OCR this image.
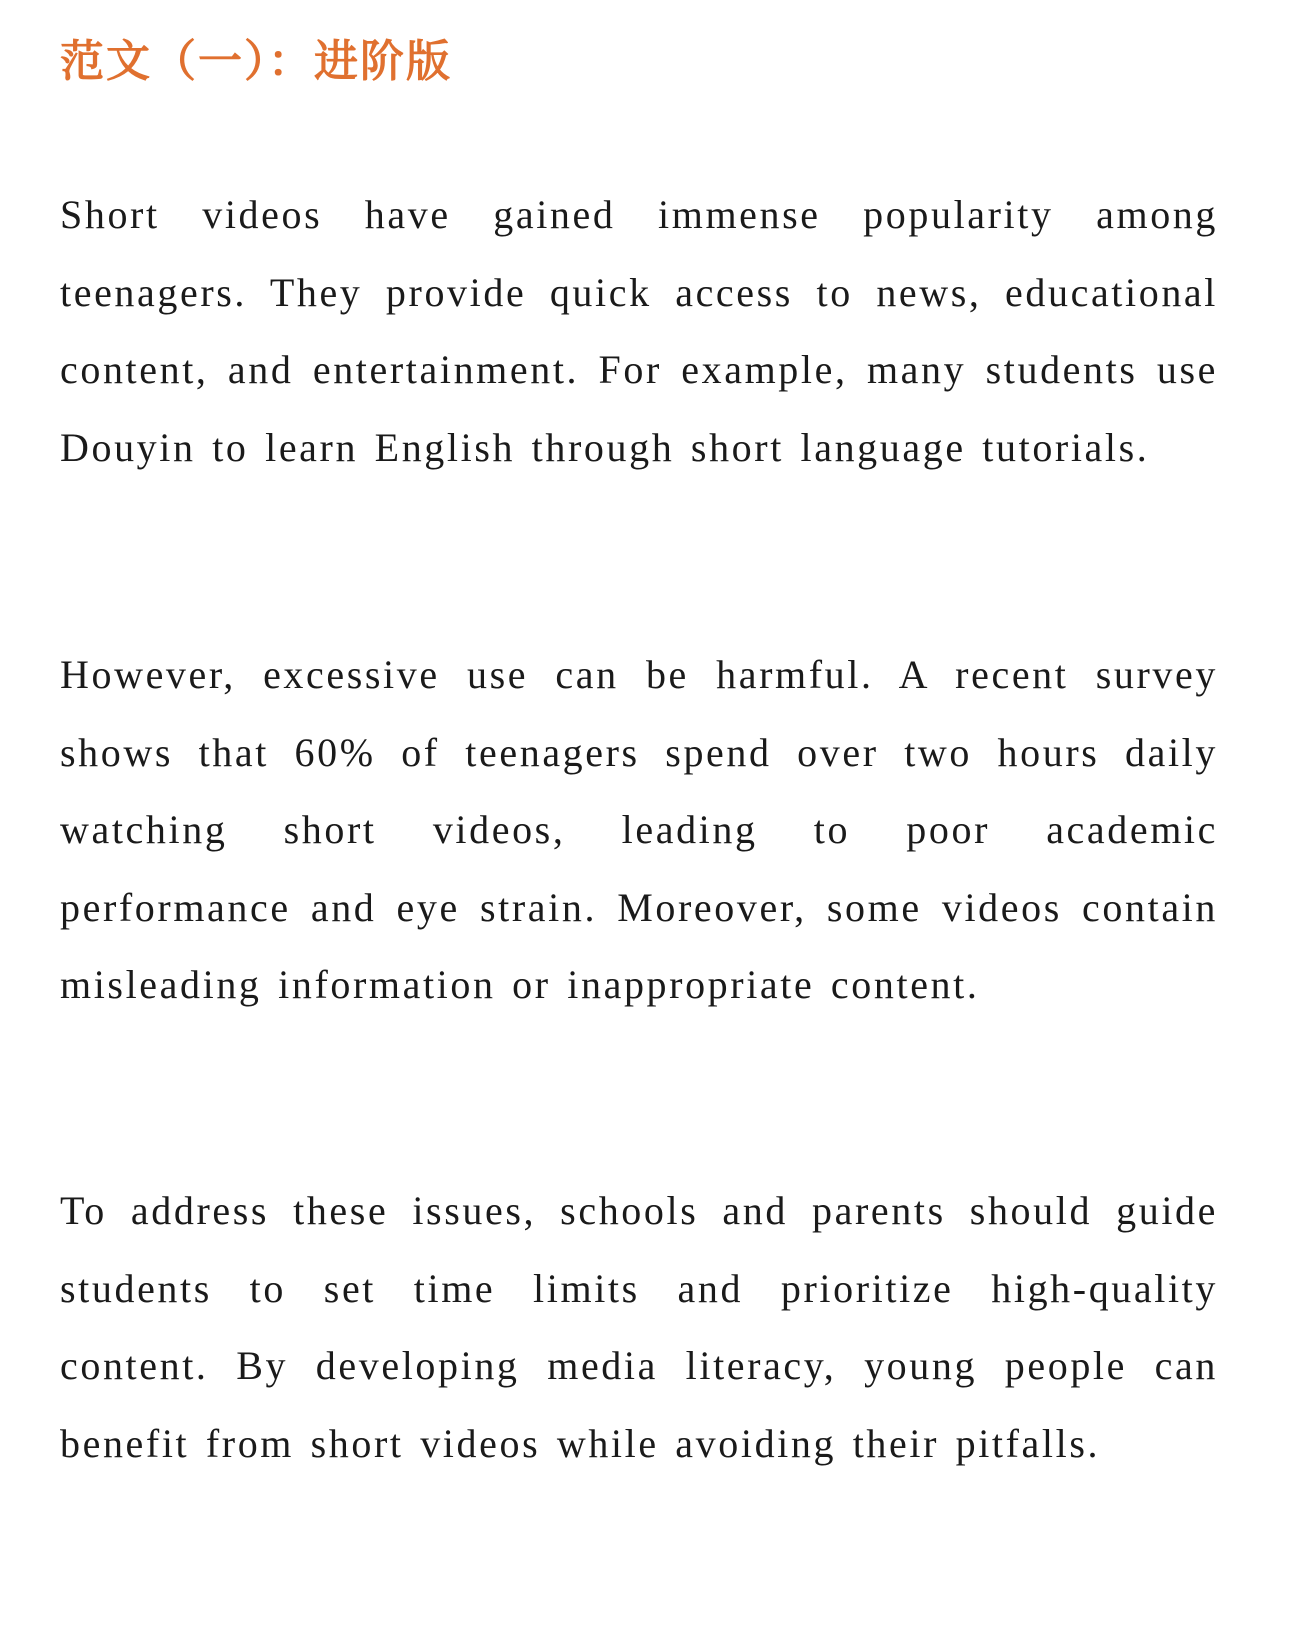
范文（一）：进阶版

Short videos have gained immense popularity among teenagers. They provide quick access to news, educational content, and entertainment. For example, many students use Douyin to learn English through short language tutorials.

However, excessive use can be harmful. A recent survey shows that 60% of teenagers spend over two hours daily watching short videos, leading to poor academic performance and eye strain. Moreover, some videos contain misleading information or inappropriate content.

To address these issues, schools and parents should guide students to set time limits and prioritize high-quality content. By developing media literacy, young people can benefit from short videos while avoiding their pitfalls.
